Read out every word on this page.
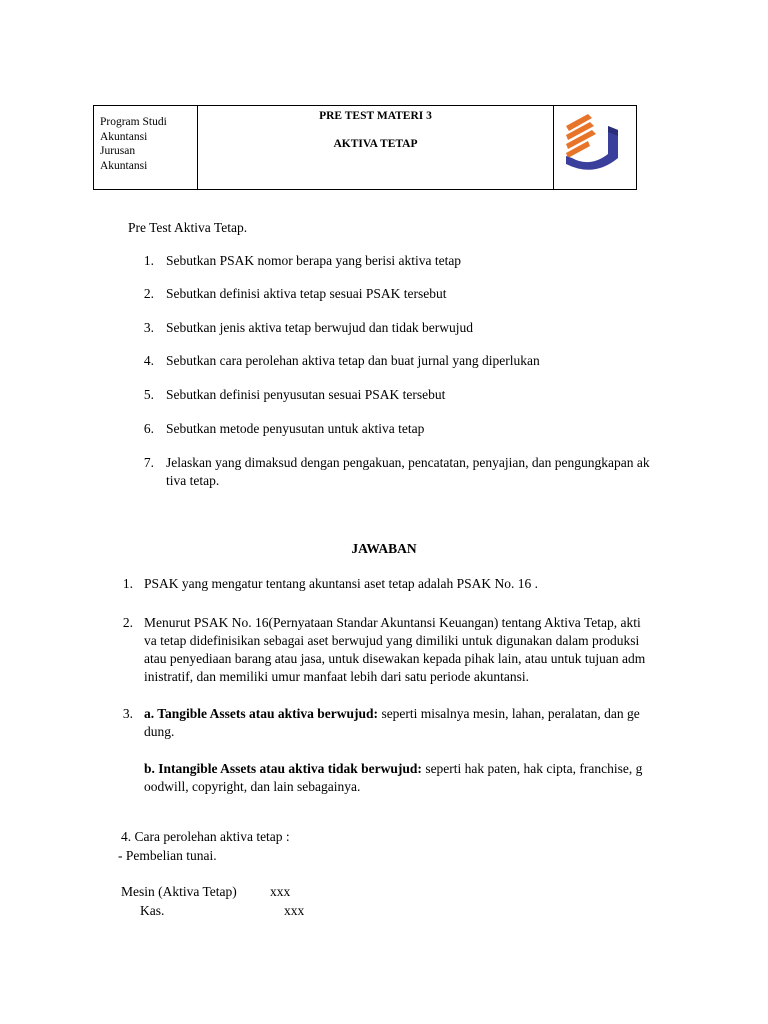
Program Studi
Akuntansi
Jurusan
Akuntansi

PRE TEST MATERI 3
AKTIVA TETAP

Pre Test Aktiva Tetap.
1. Sebutkan PSAK nomor berapa yang berisi aktiva tetap
2. Sebutkan definisi aktiva tetap sesuai PSAK tersebut
3. Sebutkan jenis aktiva tetap berwujud dan tidak berwujud
4. Sebutkan cara perolehan aktiva tetap dan buat jurnal yang diperlukan
5. Sebutkan definisi penyusutan sesuai PSAK tersebut
6. Sebutkan metode penyusutan untuk aktiva tetap
7. Jelaskan yang dimaksud dengan pengakuan, pencatatan, penyajian, dan pengungkapan ak
tiva tetap.
JAWABAN
1. PSAK yang mengatur tentang akuntansi aset tetap adalah PSAK No. 16 .
2. Menurut PSAK No. 16(Pernyataan Standar Akuntansi Keuangan) tentang Aktiva Tetap, akti
va tetap didefinisikan sebagai aset berwujud yang dimiliki untuk digunakan dalam produksi
atau penyediaan barang atau jasa, untuk disewakan kepada pihak lain, atau untuk tujuan adm
inistratif, dan memiliki umur manfaat lebih dari satu periode akuntansi.
3. a. Tangible Assets atau aktiva berwujud: seperti misalnya mesin, lahan, peralatan, dan ge
dung.
b. Intangible Assets atau aktiva tidak berwujud: seperti hak paten, hak cipta, franchise, g
oodwill, copyright, dan lain sebagainya.
4. Cara perolehan aktiva tetap :
- Pembelian tunai.
Mesin (Aktiva Tetap) xxx
Kas.	xxx
